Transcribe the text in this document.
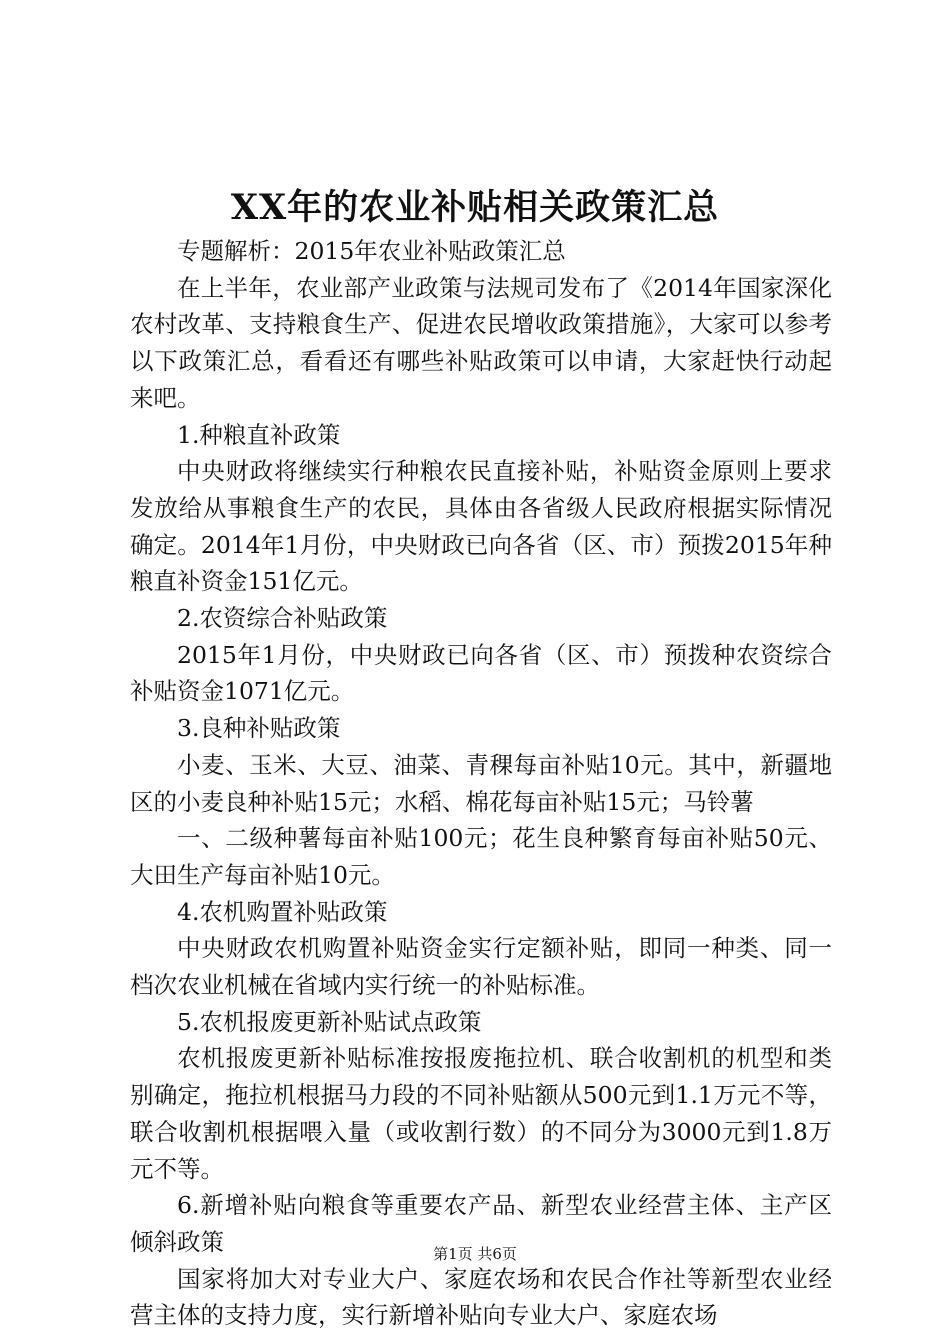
XX年的农业补贴相关政策汇总

专题解析：2015年农业补贴政策汇总

在上半年，农业部产业政策与法规司发布了《2014年国家深化农村改革、支持粮食生产、促进农民增收政策措施》，大家可以参考以下政策汇总，看看还有哪些补贴政策可以申请，大家赶快行动起来吧。

1.种粮直补政策

中央财政将继续实行种粮农民直接补贴，补贴资金原则上要求发放给从事粮食生产的农民，具体由各省级人民政府根据实际情况确定。2014年1月份，中央财政已向各省（区、市）预拨2015年种粮直补资金151亿元。

2.农资综合补贴政策

2015年1月份，中央财政已向各省（区、市）预拨种农资综合补贴资金1071亿元。

3.良种补贴政策

小麦、玉米、大豆、油菜、青稞每亩补贴10元。其中，新疆地区的小麦良种补贴15元；水稻、棉花每亩补贴15元；马铃薯

一、二级种薯每亩补贴100元；花生良种繁育每亩补贴50元、大田生产每亩补贴10元。

4.农机购置补贴政策

中央财政农机购置补贴资金实行定额补贴，即同一种类、同一档次农业机械在省域内实行统一的补贴标准。

5.农机报废更新补贴试点政策

农机报废更新补贴标准按报废拖拉机、联合收割机的机型和类别确定，拖拉机根据马力段的不同补贴额从500元到1.1万元不等，联合收割机根据喂入量（或收割行数）的不同分为3000元到1.8万元不等。

6.新增补贴向粮食等重要农产品、新型农业经营主体、主产区倾斜政策

国家将加大对专业大户、家庭农场和农民合作社等新型农业经营主体的支持力度，实行新增补贴向专业大户、家庭农场

第1页 共6页
